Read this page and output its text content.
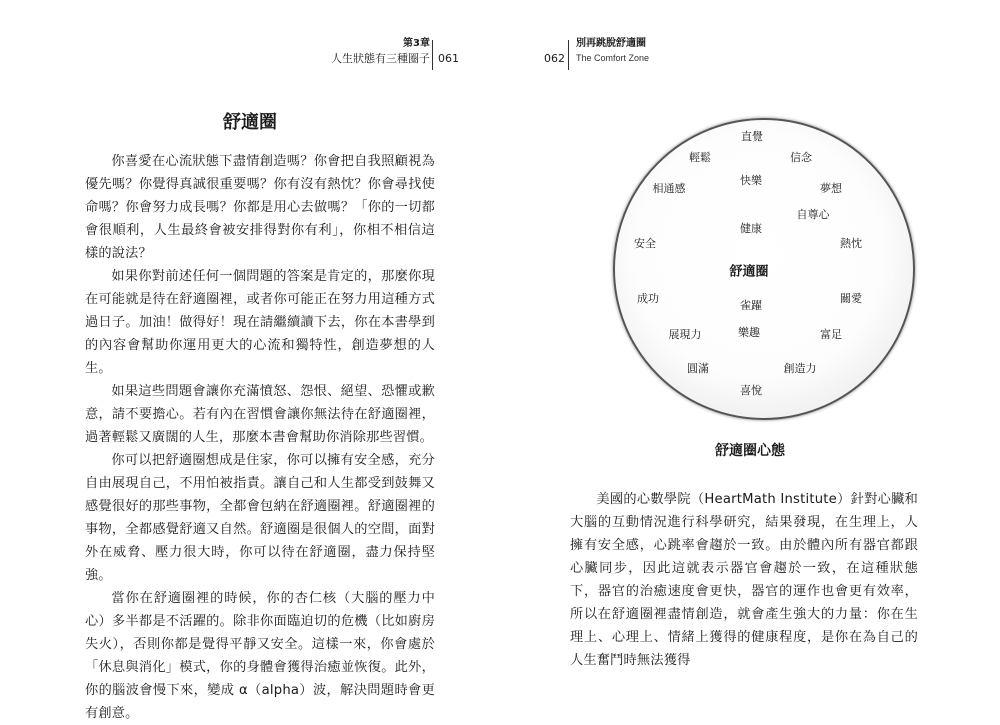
第3章
人生狀態有三種圈子 061
舒適圈

你喜愛在心流狀態下盡情創造嗎？你會把自我照顧視為優先嗎？你覺得真誠很重要嗎？你有沒有熱忱？你會尋找使命嗎？你會努力成長嗎？你都是用心去做嗎？「你的一切都會很順利，人生最終會被安排得對你有利」，你相不相信這樣的說法？

如果你對前述任何一個問題的答案是肯定的，那麼你現在可能就是待在舒適圈裡，或者你可能正在努力用這種方式過日子。加油！做得好！現在請繼續讀下去，你在本書學到的內容會幫助你運用更大的心流和獨特性，創造夢想的人生。

如果這些問題會讓你充滿憤怒、怨恨、絕望、恐懼或歉意，請不要擔心。若有內在習慣會讓你無法待在舒適圈裡，過著輕鬆又廣闊的人生，那麼本書會幫助你消除那些習慣。

你可以把舒適圈想成是住家，你可以擁有安全感，充分自由展現自己，不用怕被指責。讓自己和人生都受到鼓舞又感覺很好的那些事物，全都會包納在舒適圈裡。舒適圈裡的事物，全都感覺舒適又自然。舒適圈是很個人的空間，面對外在威脅、壓力很大時，你可以待在舒適圈，盡力保持堅強。

當你在舒適圈裡的時候，你的杏仁核（大腦的壓力中心）多半都是不活躍的。除非你面臨迫切的危機（比如廚房失火），否則你都是覺得平靜又安全。這樣一來，你會處於「休息與消化」模式，你的身體會獲得治癒並恢復。此外，你的腦波會慢下來，變成 α（alpha）波，解決問題時會更有創意。

062
別再跳脫舒適圈
The Comfort Zone
直覺
輕鬆	信念
快樂
相通感	夢想
自尊心
健康
安全	熱忱
舒適圈
成功
雀躍
關愛
展現力	樂趣	富足
圓滿	創造力
喜悅
舒適圈心態

美國的心數學院（HeartMath Institute）針對心臟和大腦的互動情況進行科學研究，結果發現，在生理上，人擁有安全感，心跳率會趨於一致。由於體內所有器官都跟心臟同步，因此這就表示器官會趨於一致，在這種狀態下，器官的治癒速度會更快，器官的運作也會更有效率，所以在舒適圈裡盡情創造，就會產生強大的力量：你在生理上、心理上、情緒上獲得的健康程度，是你在為自己的人生奮鬥時無法獲得
